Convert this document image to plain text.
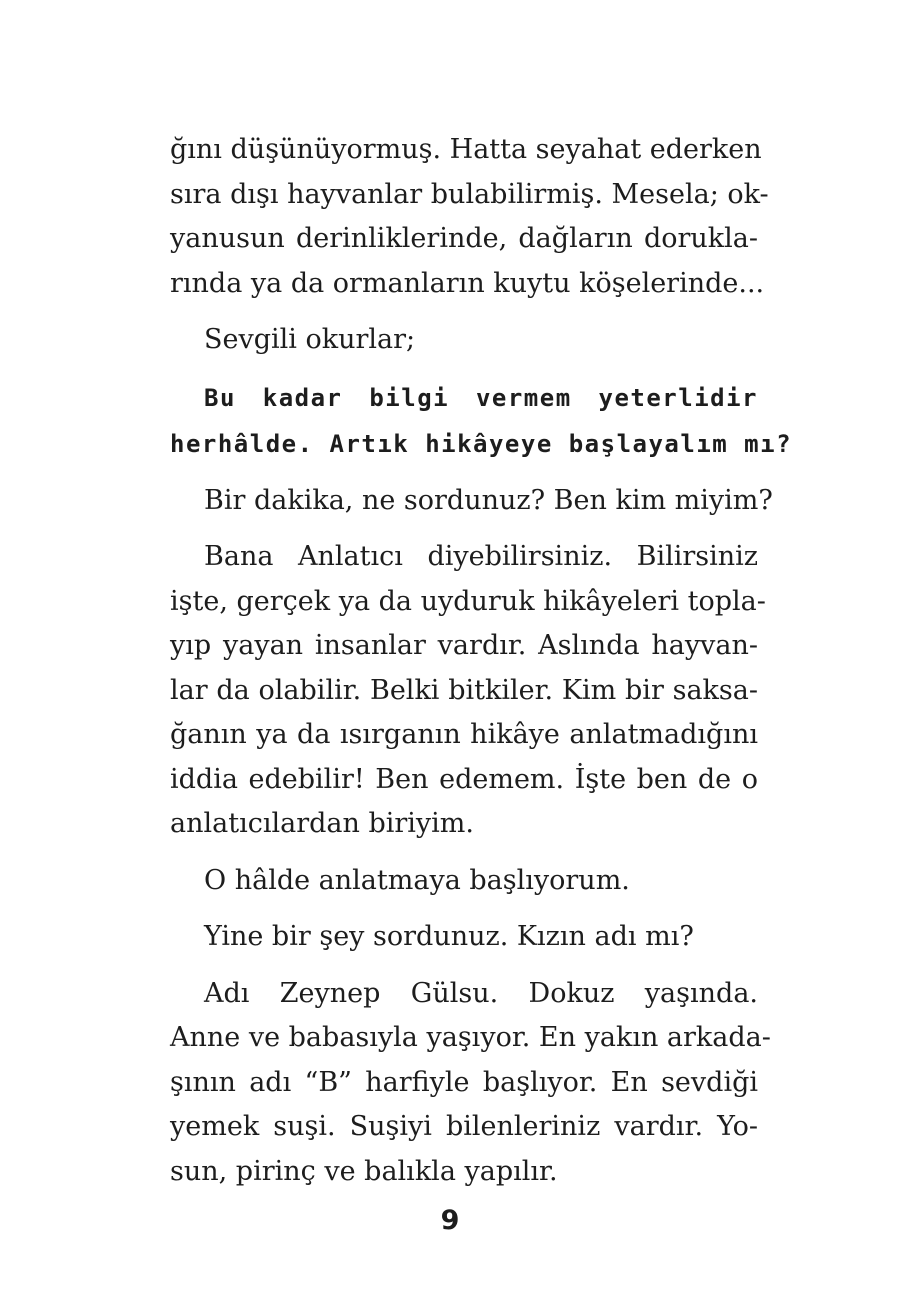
ğını düşünüyormuş. Hatta seyahat ederken
sıra dışı hayvanlar bulabilirmiş. Mesela; ok-
yanusun derinliklerinde, dağların dorukla-
rında ya da ormanların kuytu köşelerinde...
Sevgili okurlar;
Bu kadar bilgi vermem yeterlidir
herhâlde. Artık hikâyeye başlayalım mı?
Bir dakika, ne sordunuz? Ben kim miyim?
Bana Anlatıcı diyebilirsiniz. Bilirsiniz
işte, gerçek ya da uyduruk hikâyeleri topla-
yıp yayan insanlar vardır. Aslında hayvan-
lar da olabilir. Belki bitkiler. Kim bir saksa-
ğanın ya da ısırganın hikâye anlatmadığını
iddia edebilir! Ben edemem. İşte ben de o
anlatıcılardan biriyim.
O hâlde anlatmaya başlıyorum.
Yine bir şey sordunuz. Kızın adı mı?
Adı Zeynep Gülsu. Dokuz yaşında.
Anne ve babasıyla yaşıyor. En yakın arkada-
şının adı “B” harfiyle başlıyor. En sevdiği
yemek suşi. Suşiyi bilenleriniz vardır. Yo-
sun, pirinç ve balıkla yapılır.
9
